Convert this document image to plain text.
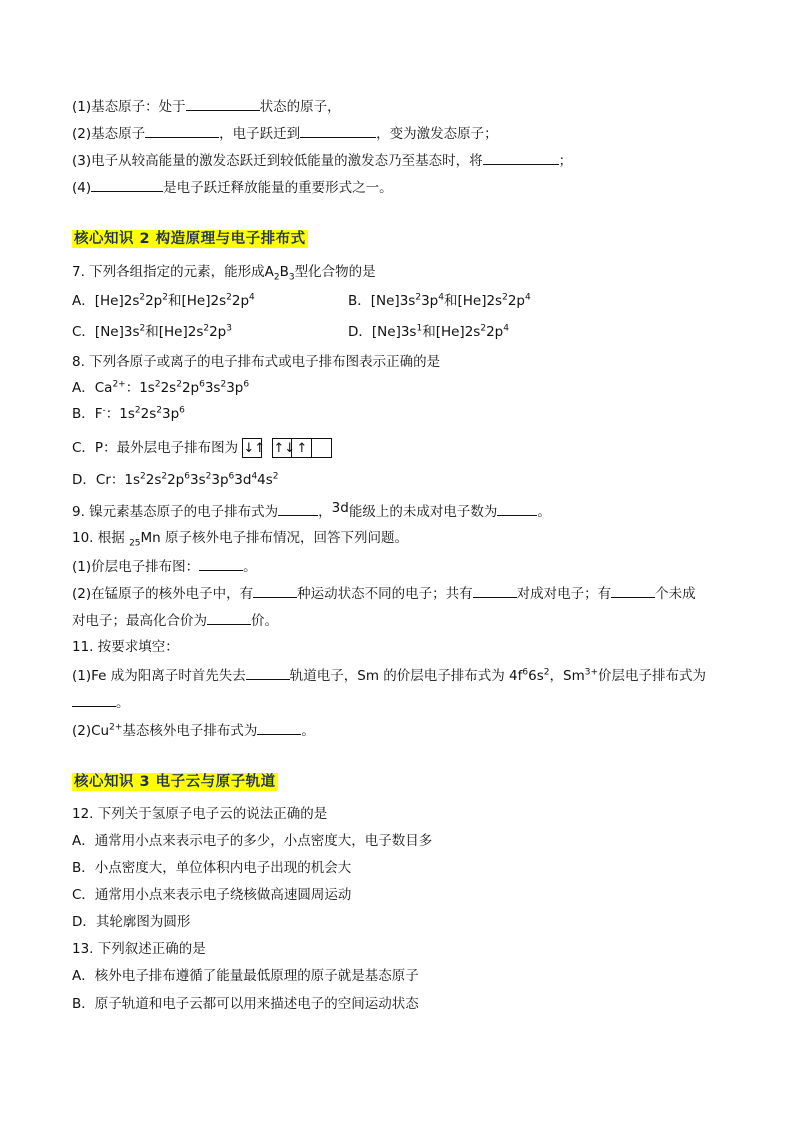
(1)基态原子：处于	状态的原子，
(2)基态原子	，电子跃迁到	，变为激发态原子；
(3)电子从较高能量的激发态跃迁到较低能量的激发态乃至基态时，将	；
(4)	是电子跃迁释放能量的重要形式之一。
核心知识 2 构造原理与电子排布式
7. 下列各组指定的元素，能形成$A_2B_3$型化合物的是
A．$[He]2s^22p^2$和$[He]2s^22p^4$	B．$[Ne]3s^23p^4$和$[He]2s^22p^4$
C．$[Ne]3s^2$和$[He]2s^22p^3$	D．$[Ne]3s^1$和$[He]2s^22p^4$
8. 下列各原子或离子的电子排布式或电子排布图表示正确的是
A．$Ca^{2+}$：$1s^22s^22p^63s^23p^6$
B．F-：$1s^22s^23p^6$
C．P：最外层电子排布图为 ↓↑ ↑↓ ↑
D．Cr：$1s^22s^22p^63s^23p^63d^44s^2$
9. 镍元素基态原子的电子排布式为	，3d能级上的未成对电子数为	。
10. 根据 $_{25}$Mn 原子核外电子排布情况，回答下列问题。
(1)价层电子排布图：	。
(2)在锰原子的核外电子中，有	种运动状态不同的电子；共有	对成对电子；有	个未成
对电子；最高化合价为	价。
11. 按要求填空：
(1)Fe 成为阳离子时首先失去	轨道电子，Sm 的价层电子排布式为 $4f^66s^2$，$Sm^{3+}$价层电子排布式为
。
$(2)Cu^{2+}$基态核外电子排布式为	。
核心知识 3 电子云与原子轨道
12. 下列关于氢原子电子云的说法正确的是
A．通常用小点来表示电子的多少，小点密度大，电子数目多
B．小点密度大，单位体积内电子出现的机会大
C．通常用小点来表示电子绕核做高速圆周运动
D．其轮廓图为圆形
13. 下列叙述正确的是
A．核外电子排布遵循了能量最低原理的原子就是基态原子
B．原子轨道和电子云都可以用来描述电子的空间运动状态
